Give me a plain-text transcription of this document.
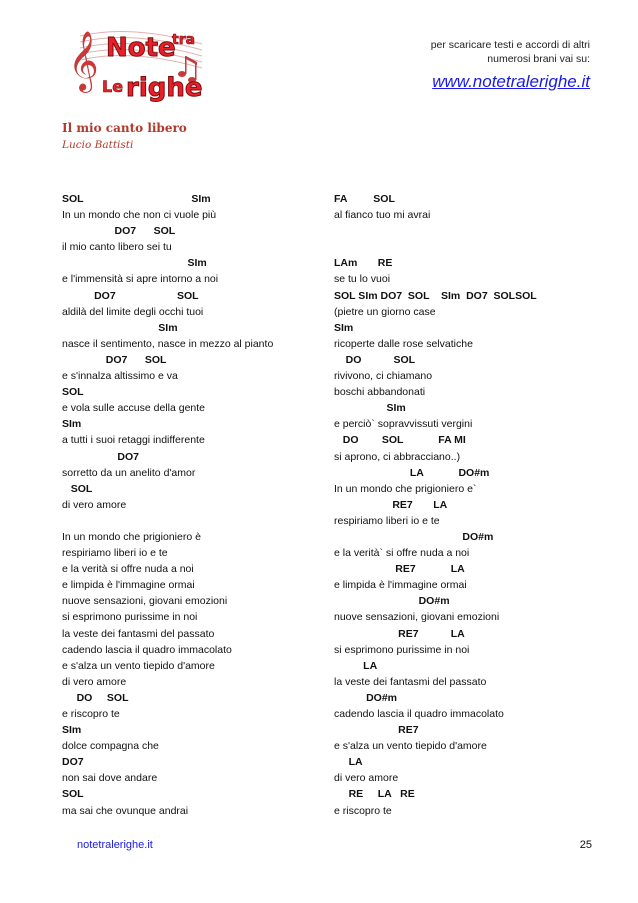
𝄞 Note
tra
Le righe
per scaricare testi e accordi di altri
numerosi brani vai su:
www.notetralerighe.it
Il mio canto libero
Lucio Battisti
SOL                                     SIm
In un mondo che non ci vuole più
DO7      SOL
il mio canto libero sei tu
SIm
e l'immensità si apre intorno a noi
DO7                     SOL
aldilà del limite degli occhi tuoi
SIm
nasce il sentimento, nasce in mezzo al pianto
DO7      SOL
e s'innalza altissimo e va
SOL
e vola sulle accuse della gente
SIm
a tutti i suoi retaggi indifferente
DO7
sorretto da un anelito d'amor
SOL
di vero amore
In un mondo che prigioniero è
respiriamo liberi io e te
e la verità si offre nuda a noi
e limpida è l'immagine ormai
nuove sensazioni, giovani emozioni
si esprimono purissime in noi
la veste dei fantasmi del passato
cadendo lascia il quadro immacolato
e s'alza un vento tiepido d'amore
di vero amore
DO     SOL
e riscopro te
SIm
dolce compagna che
DO7
non sai dove andare
SOL
ma sai che ovunque andrai
FA         SOL
al fianco tuo mi avrai
LAm       RE
se tu lo vuoi
SOL SIm DO7  SOL    SIm  DO7  SOLSOL
(pietre un giorno case
SIm
ricoperte dalle rose selvatiche
DO           SOL
rivivono, ci chiamano
boschi abbandonati
SIm
e perciò` sopravvissuti vergini
DO        SOL            FA MI
si aprono, ci abbracciano..)
LA            DO#m
In un mondo che prigioniero e`
RE7       LA
respiriamo liberi io e te
DO#m
e la verità` si offre nuda a noi
RE7            LA
e limpida è l'immagine ormai
DO#m
nuove sensazioni, giovani emozioni
RE7           LA
si esprimono purissime in noi
LA
la veste dei fantasmi del passato
DO#m
cadendo lascia il quadro immacolato
RE7
e s'alza un vento tiepido d'amore
LA
di vero amore
RE     LA   RE
e riscopro te
notetralerighe.it	25
